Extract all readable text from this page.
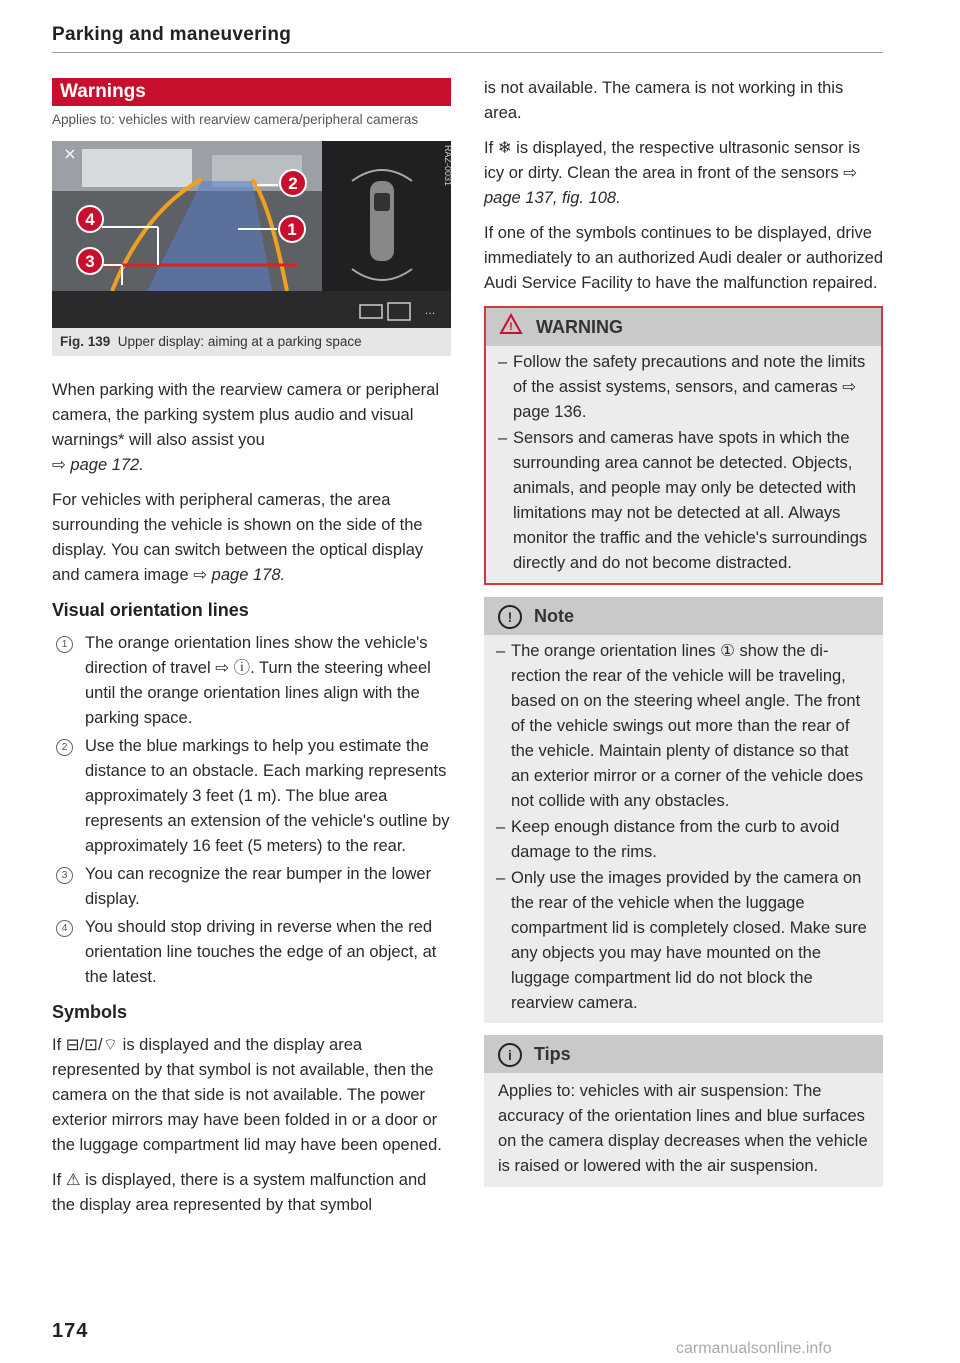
Parking and maneuvering
Warnings
Applies to: vehicles with rearview camera/peripheral cameras
4
3
1
2
×	RAZ-0031
···
Fig. 139 Upper display: aiming at a parking space

When parking with the rearview camera or peripheral camera, the parking system plus audio and visual warnings* will also assist you
⇨ page 172.

For vehicles with peripheral cameras, the area surrounding the vehicle is shown on the side of the display. You can switch between the optical display and camera image ⇨ page 178.

Visual orientation lines
1	The orange orientation lines show the vehicle's direction of travel ⇨ ⓘ. Turn the steering wheel until the orange orientation lines align with the parking space.
2	Use the blue markings to help you estimate the distance to an obstacle. Each marking represents approximately 3 feet (1 m). The blue area represents an extension of the vehicle's outline by approximately 16 feet (5 meters) to the rear.
3	You can recognize the rear bumper in the lower display.
4	You should stop driving in reverse when the red orientation line touches the edge of an object, at the latest.
Symbols

If ⊟/⊡/⌔ is displayed and the display area represented by that symbol is not available, then the camera on the that side is not available. The power exterior mirrors may have been folded in or a door or the luggage compartment lid may have been opened.

If ⚠ is displayed, there is a system malfunction and the display area represented by that symbol

is not available. The camera is not working in this area.

If ❄ is displayed, the respective ultrasonic sensor is icy or dirty. Clean the area in front of the sensors ⇨ page 137, fig. 108.

If one of the symbols continues to be displayed, drive immediately to an authorized Audi dealer or authorized Audi Service Facility to have the malfunction repaired.

! WARNING
– Follow the safety precautions and note the limits of the assist systems, sensors, and cameras ⇨ page 136.
– Sensors and cameras have spots in which the surrounding area cannot be detected. Objects, animals, and people may only be detected with limitations may not be detected at all. Always monitor the traffic and the vehicle's surroundings directly and do not become distracted.
! Note
– The orange orientation lines ① show the direction the rear of the vehicle will be traveling, based on on the steering wheel angle. The front of the vehicle swings out more than the rear of the vehicle. Maintain plenty of distance so that an exterior mirror or a corner of the vehicle does not collide with any obstacles.
– Keep enough distance from the curb to avoid damage to the rims.
– Only use the images provided by the camera on the rear of the vehicle when the luggage compartment lid is completely closed. Make sure any objects you may have mounted on the luggage compartment lid do not block the rearview camera.
i Tips
Applies to: vehicles with air suspension: The accuracy of the orientation lines and blue surfaces on the camera display decreases when the vehicle is raised or lowered with the air suspension.
174
carmanualsonline.info
